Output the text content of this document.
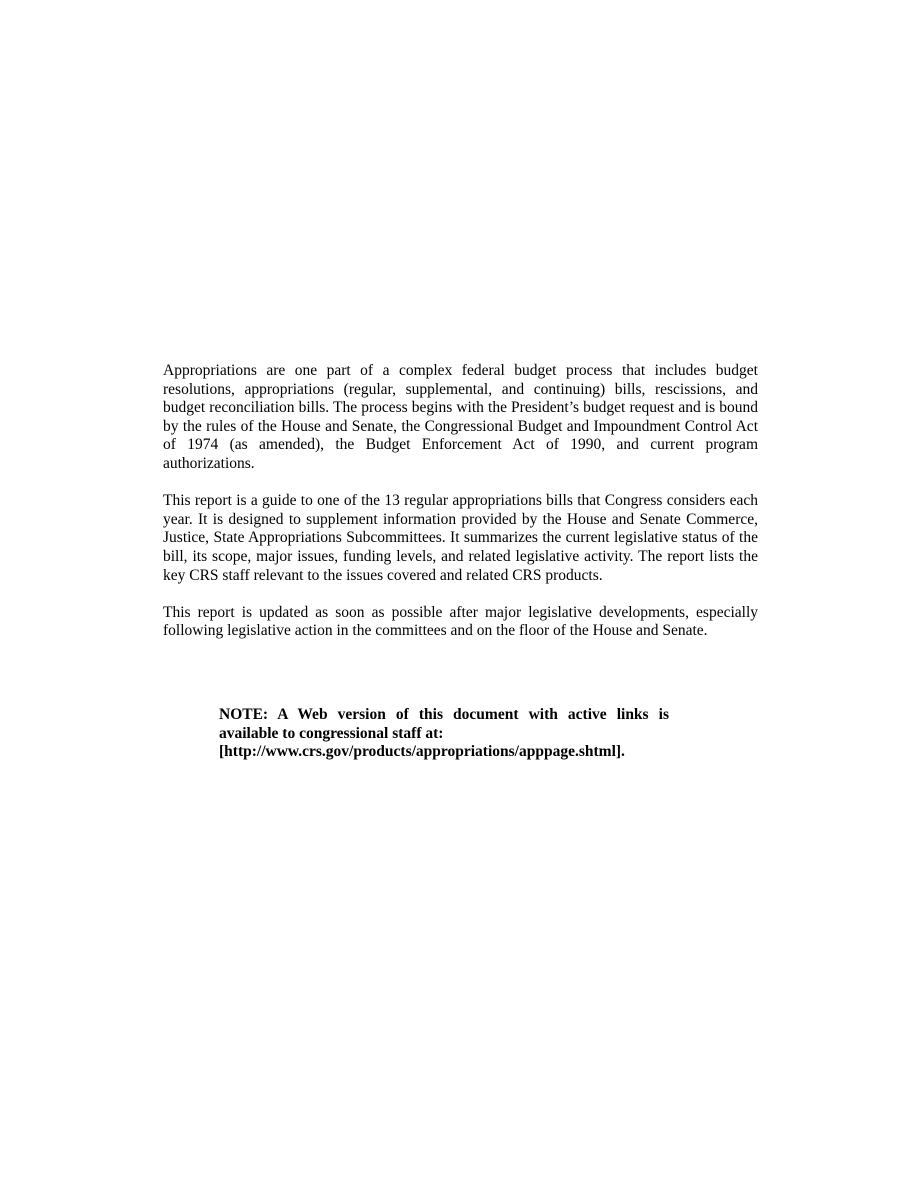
Appropriations are one part of a complex federal budget process that includes budget resolutions, appropriations (regular, supplemental, and continuing) bills, rescissions, and budget reconciliation bills. The process begins with the President’s budget request and is bound by the rules of the House and Senate, the Congressional Budget and Impoundment Control Act of 1974 (as amended), the Budget Enforcement Act of 1990, and current program authorizations.

This report is a guide to one of the 13 regular appropriations bills that Congress considers each year. It is designed to supplement information provided by the House and Senate Commerce, Justice, State Appropriations Subcommittees. It summarizes the current legislative status of the bill, its scope, major issues, funding levels, and related legislative activity. The report lists the key CRS staff relevant to the issues covered and related CRS products.

This report is updated as soon as possible after major legislative developments, especially following legislative action in the committees and on the floor of the House and Senate.

NOTE: A Web version of this document with active links is
available to congressional staff at:
[http://www.crs.gov/products/appropriations/apppage.shtml].
